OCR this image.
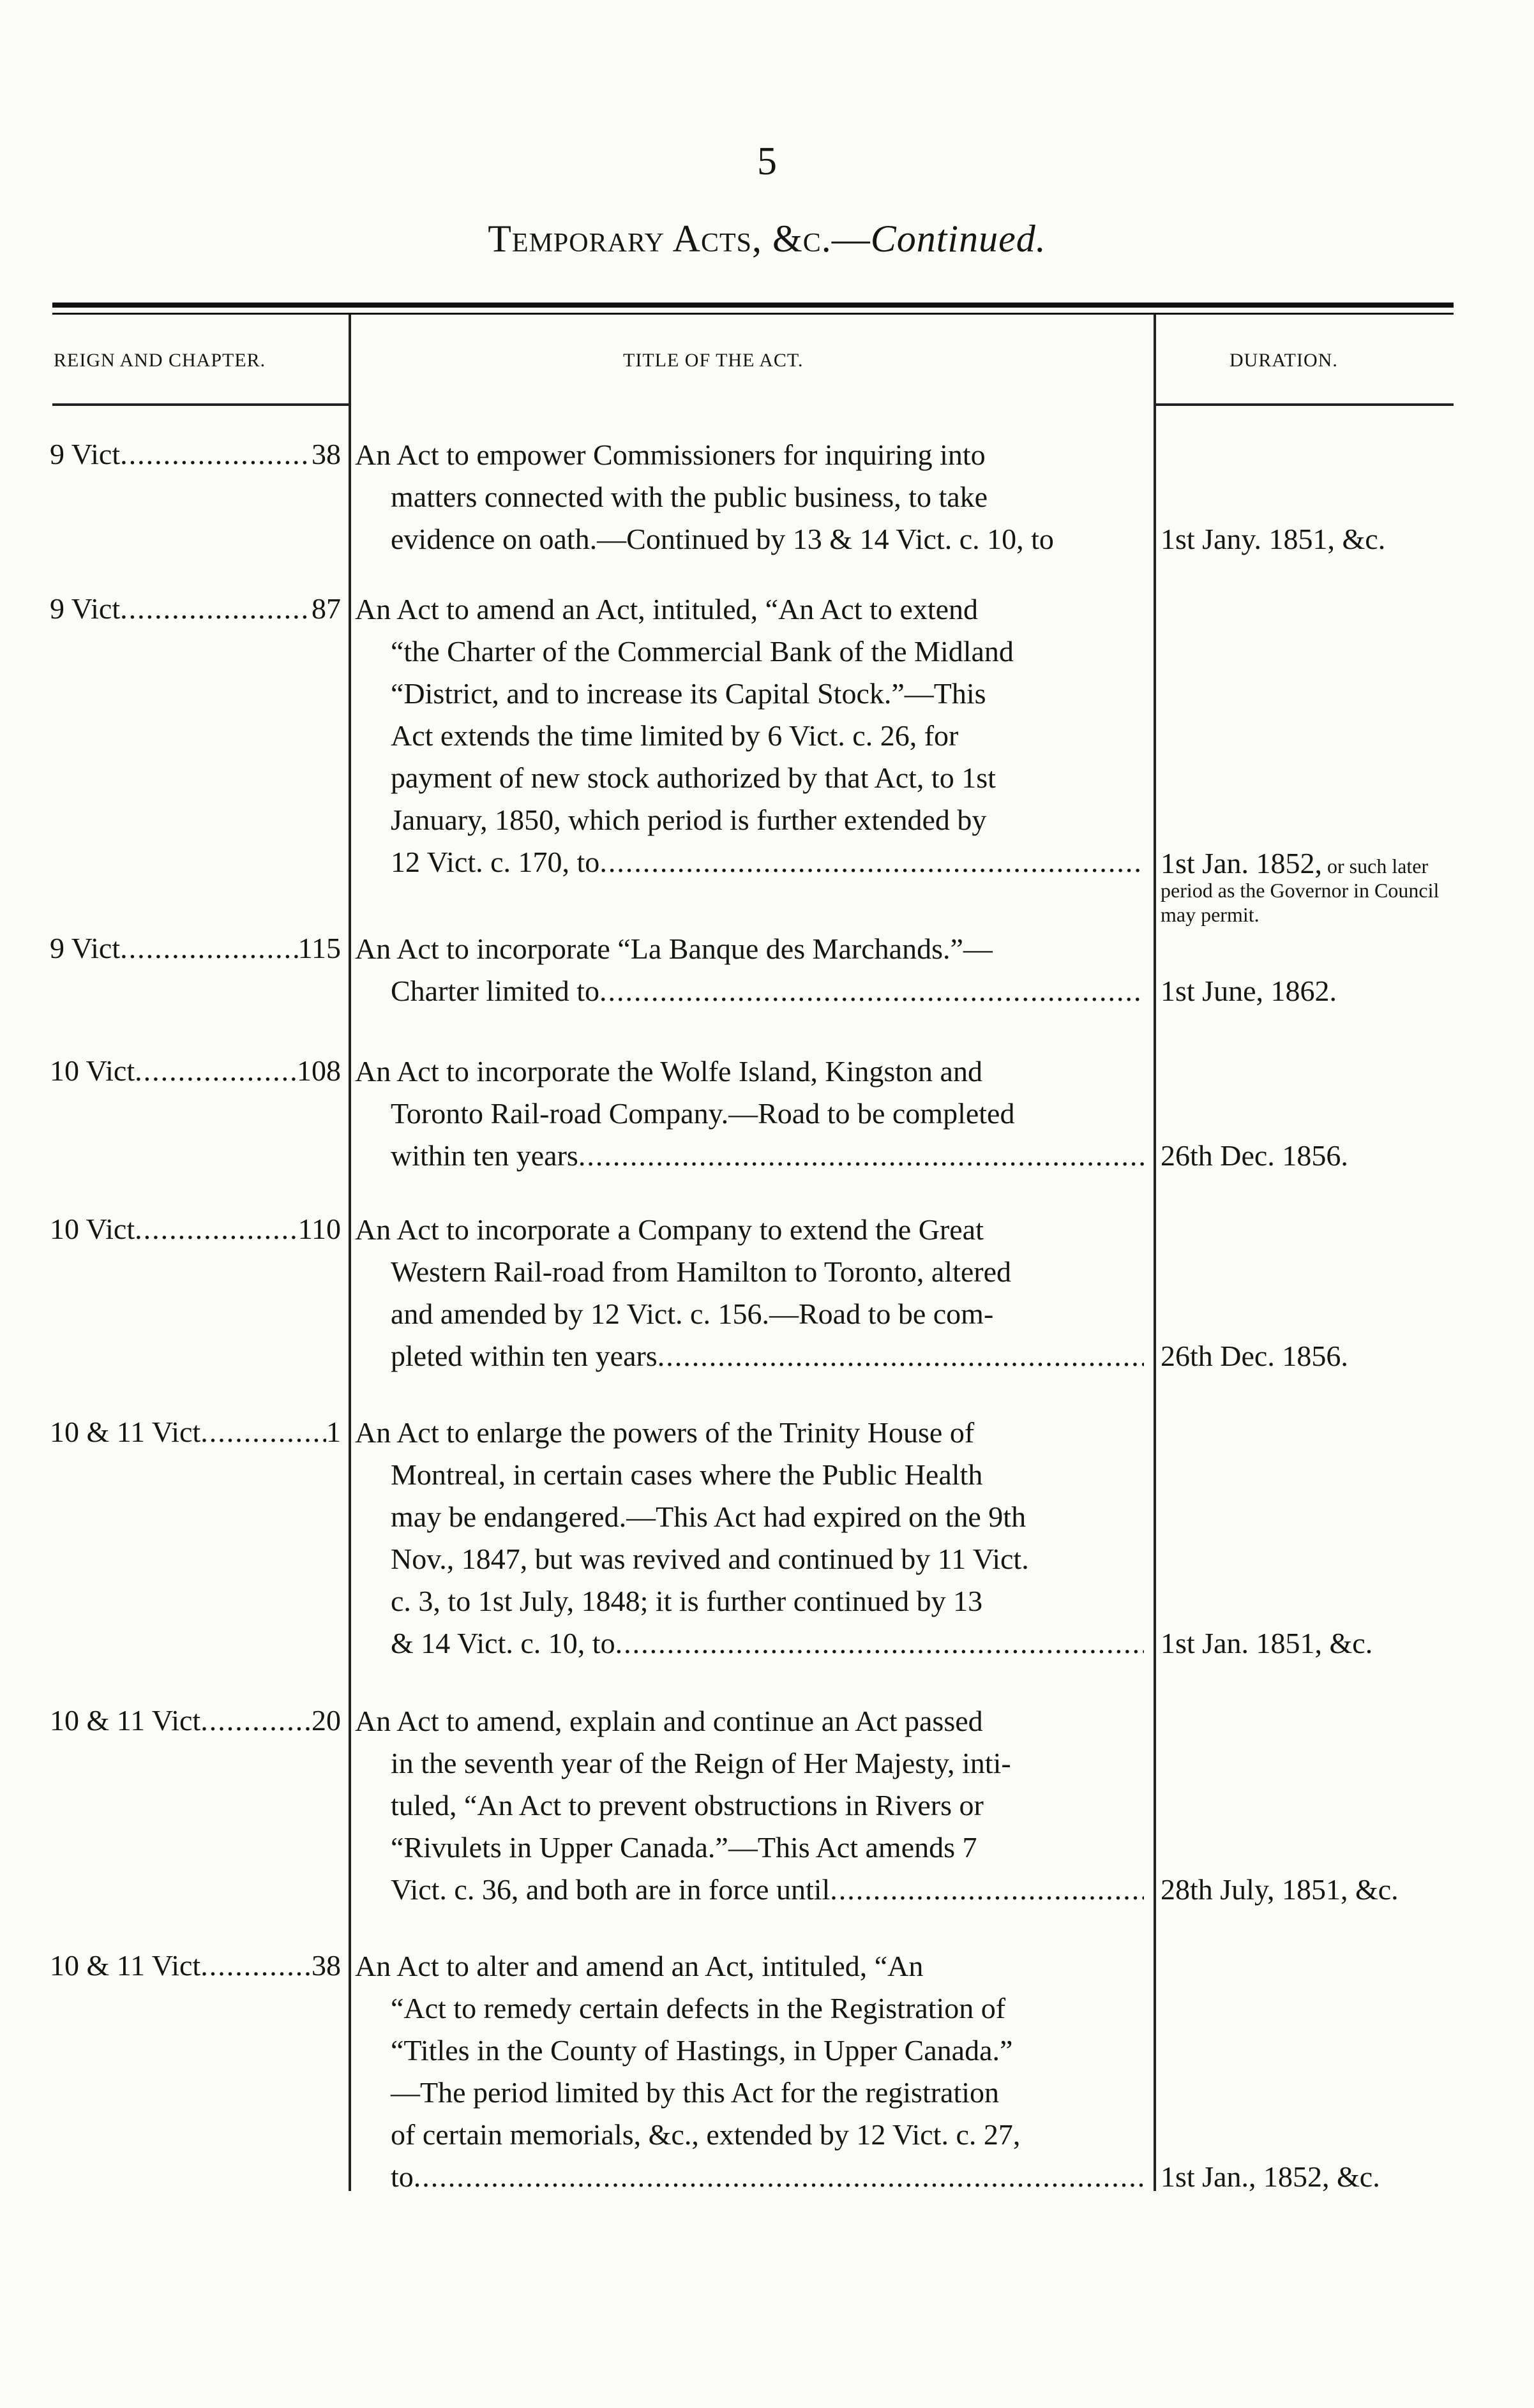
5
Temporary Acts, &c.—Continued.
REIGN AND CHAPTER.	TITLE OF THE ACT.	DURATION.
9 Vict .....	38 An Act to empower Commissioners for inquiring into
matters connected with the public business, to take
evidence on oath.—Continued by 13 & 14 Vict. c. 10, to	1st Jany. 1851, &c.
9 Vict .....	87 An Act to amend an Act, intituled, “An Act to extend
“the Charter of the Commercial Bank of the Midland
“District, and to increase its Capital Stock.”—This
Act extends the time limited by 6 Vict. c. 26, for
payment of new stock authorized by that Act, to 1st
January, 1850, which period is further extended by
12 Vict. c. 170, to .....	1st Jan. 1852, or such later period as the Governor in Council may permit.
9 Vict .....	115 An Act to incorporate “La Banque des Marchands.”—
Charter limited to .....	1st June, 1862.
10 Vict .....	108 An Act to incorporate the Wolfe Island, Kingston and
Toronto Rail-road Company.—Road to be completed
within ten years .....	26th Dec. 1856.
10 Vict .....	110 An Act to incorporate a Company to extend the Great
Western Rail-road from Hamilton to Toronto, altered
and amended by 12 Vict. c. 156.—Road to be com-
pleted within ten years .....	26th Dec. 1856.
10 & 11 Vict .....	1 An Act to enlarge the powers of the Trinity House of
Montreal, in certain cases where the Public Health
may be endangered.—This Act had expired on the 9th
Nov., 1847, but was revived and continued by 11 Vict.
c. 3, to 1st July, 1848; it is further continued by 13
& 14 Vict. c. 10, to .....	1st Jan. 1851, &c.
10 & 11 Vict .....	20 An Act to amend, explain and continue an Act passed
in the seventh year of the Reign of Her Majesty, inti-
tuled, “An Act to prevent obstructions in Rivers or
“Rivulets in Upper Canada.”—This Act amends 7
Vict. c. 36, and both are in force until .....	28th July, 1851, &c.
10 & 11 Vict .....	38 An Act to alter and amend an Act, intituled, “An
“Act to remedy certain defects in the Registration of
“Titles in the County of Hastings, in Upper Canada.”
—The period limited by this Act for the registration
of certain memorials, &c., extended by 12 Vict. c. 27,
to .....	1st Jan., 1852, &c.
